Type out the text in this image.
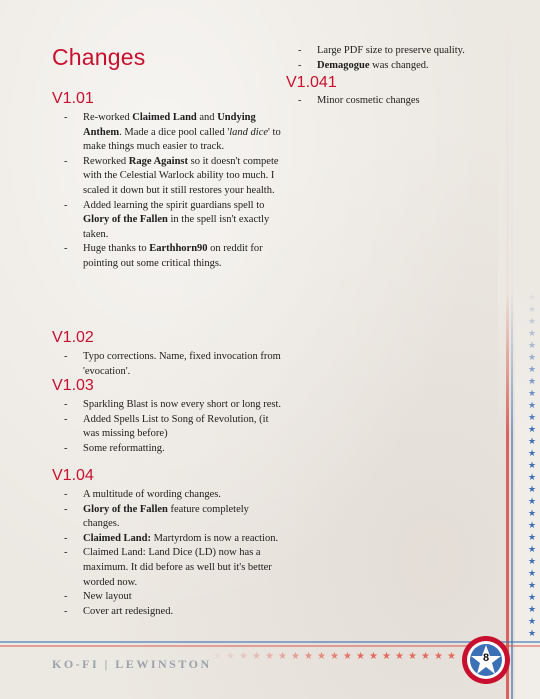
★ ★ ★ ★ ★ ★ ★ ★ ★ ★ ★ ★ ★ ★ ★ ★ ★ ★ ★
Changes
V1.01
- Re-worked Claimed Land and Undying Anthem. Made a dice pool called 'land dice' to make things much easier to track.
- Reworked Rage Against so it doesn't compete with the Celestial Warlock ability too much. I scaled it down but it still restores your health.
- Added learning the spirit guardians spell to Glory of the Fallen in the spell isn't exactly taken.
- Huge thanks to Earthhorn90 on reddit for pointing out some critical things.
V1.02
- Typo corrections. Name, fixed invocation from 'evocation'.
V1.03
- Sparkling Blast is now every short or long rest.
- Added Spells List to Song of Revolution, (it was missing before)
- Some reformatting.
V1.04
- A multitude of wording changes.
- Glory of the Fallen feature completely changes.
- Claimed Land: Martyrdom is now a reaction.
- Claimed Land: Land Dice (LD) now has a maximum. It did before as well but it's better worded now.
- New layout
- Cover art redesigned.
- Large PDF size to preserve quality.
- Demagogue was changed.
V1.041
- Minor cosmetic changes

KO-FI | LEWINSTON	8
